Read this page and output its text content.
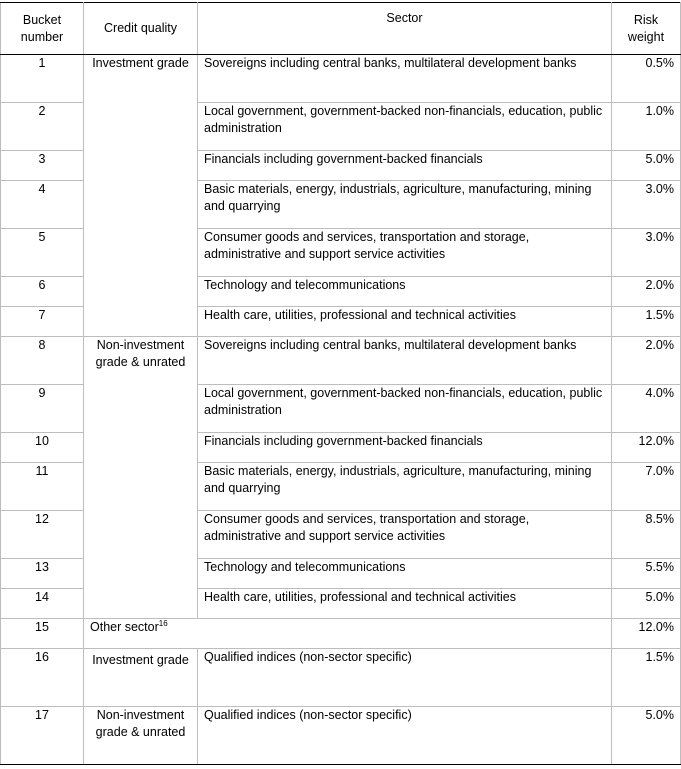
Bucket number	Credit quality	Sector	Risk weight
1	Investment grade	Sovereigns including central banks, multilateral development banks	0.5%
2		Local government, government-backed non-financials, education, public administration	1.0%
3		Financials including government-backed financials	5.0%
4		Basic materials, energy, industrials, agriculture, manufacturing, mining and quarrying	3.0%
5		Consumer goods and services, transportation and storage, administrative and support service activities	3.0%
6		Technology and telecommunications	2.0%
7		Health care, utilities, professional and technical activities	1.5%
8	Non-investment grade & unrated	Sovereigns including central banks, multilateral development banks	2.0%
9		Local government, government-backed non-financials, education, public administration	4.0%
10		Financials including government-backed financials	12.0%
11		Basic materials, energy, industrials, agriculture, manufacturing, mining and quarrying	7.0%
12		Consumer goods and services, transportation and storage, administrative and support service activities	8.5%
13		Technology and telecommunications	5.5%
14		Health care, utilities, professional and technical activities	5.0%
15	Other sector$^{16}$		12.0%
16	Investment grade	Qualified indices (non-sector specific)	1.5%
17	Non-investment grade & unrated	Qualified indices (non-sector specific)	5.0%
